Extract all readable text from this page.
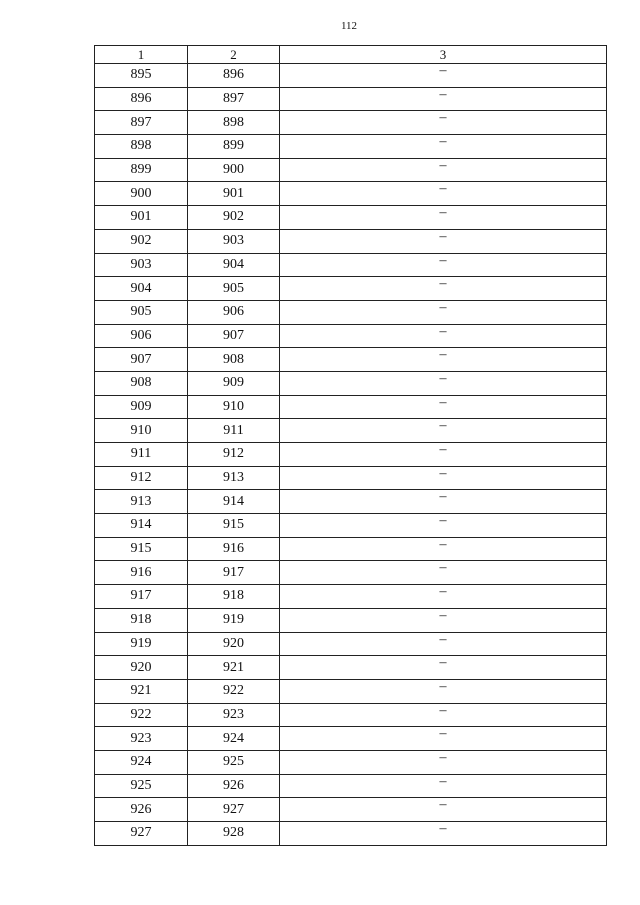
112
1	2	3
895	896	–
896	897	–
897	898	–
898	899	–
899	900	–
900	901	–
901	902	–
902	903	–
903	904	–
904	905	–
905	906	–
906	907	–
907	908	–
908	909	–
909	910	–
910	911	–
911	912	–
912	913	–
913	914	–
914	915	–
915	916	–
916	917	–
917	918	–
918	919	–
919	920	–
920	921	–
921	922	–
922	923	–
923	924	–
924	925	–
925	926	–
926	927	–
927	928	–
